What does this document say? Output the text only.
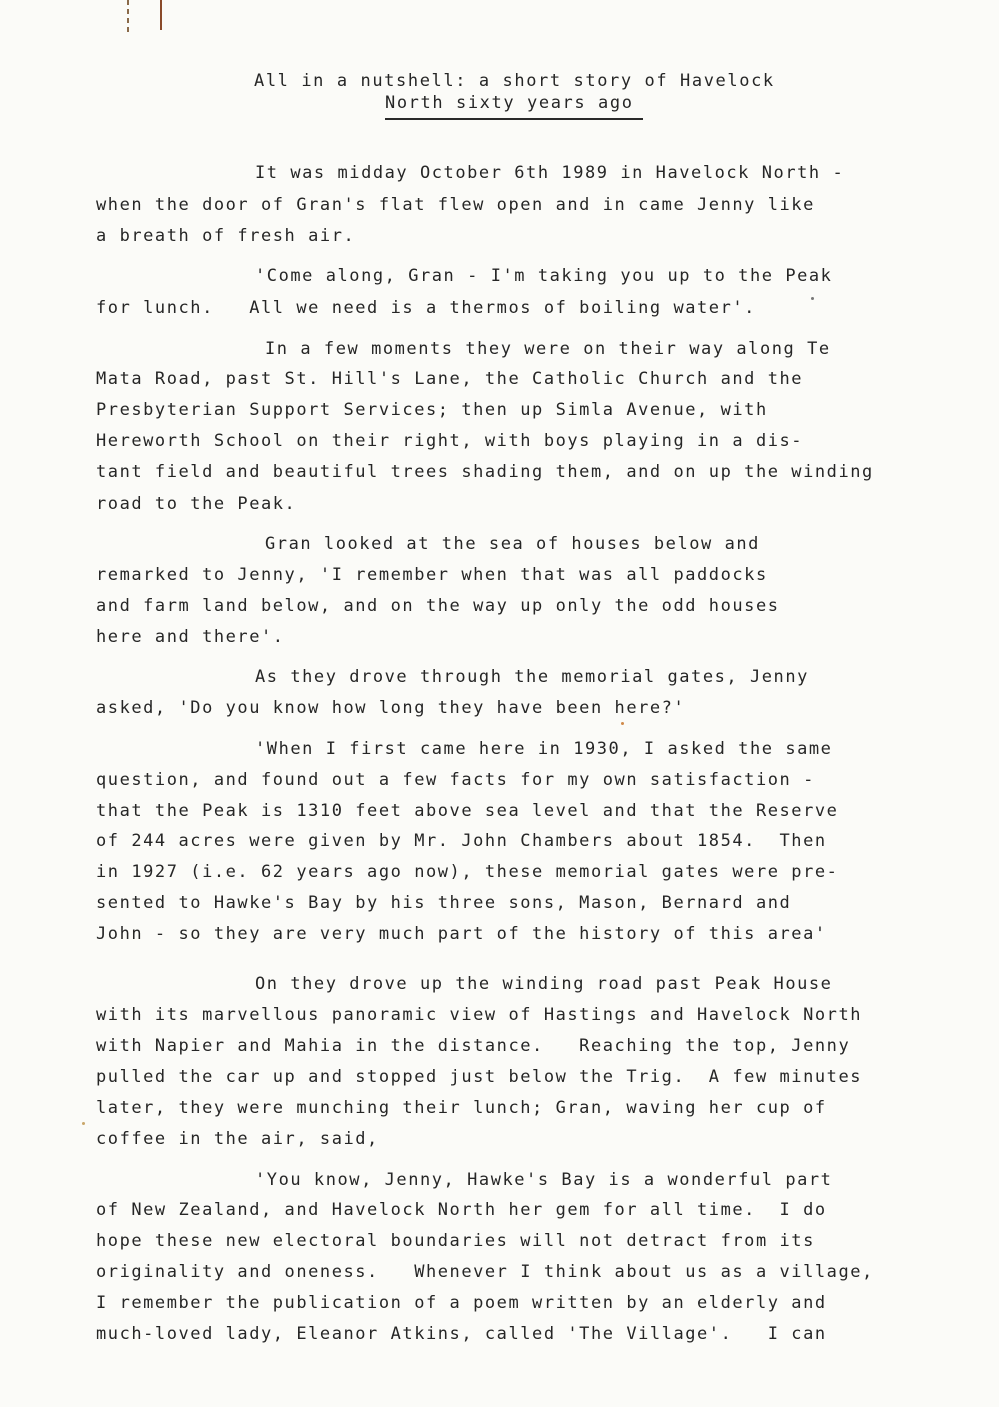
All in a nutshell: a short story of Havelock
North sixty years ago
It was midday October 6th 1989 in Havelock North -
when the door of Gran's flat flew open and in came Jenny like
a breath of fresh air.
'Come along, Gran - I'm taking you up to the Peak
for lunch.   All we need is a thermos of boiling water'.
In a few moments they were on their way along Te
Mata Road, past St. Hill's Lane, the Catholic Church and the
Presbyterian Support Services; then up Simla Avenue, with
Hereworth School on their right, with boys playing in a dis-
tant field and beautiful trees shading them, and on up the winding
road to the Peak.
Gran looked at the sea of houses below and
remarked to Jenny, 'I remember when that was all paddocks
and farm land below, and on the way up only the odd houses
here and there'.
As they drove through the memorial gates, Jenny
asked, 'Do you know how long they have been here?'
'When I first came here in 1930, I asked the same
question, and found out a few facts for my own satisfaction -
that the Peak is 1310 feet above sea level and that the Reserve
of 244 acres were given by Mr. John Chambers about 1854.  Then
in 1927 (i.e. 62 years ago now), these memorial gates were pre-
sented to Hawke's Bay by his three sons, Mason, Bernard and
John - so they are very much part of the history of this area'
On they drove up the winding road past Peak House
with its marvellous panoramic view of Hastings and Havelock North
with Napier and Mahia in the distance.   Reaching the top, Jenny
pulled the car up and stopped just below the Trig.  A few minutes
later, they were munching their lunch; Gran, waving her cup of
coffee in the air, said,
'You know, Jenny, Hawke's Bay is a wonderful part
of New Zealand, and Havelock North her gem for all time.  I do
hope these new electoral boundaries will not detract from its
originality and oneness.   Whenever I think about us as a village,
I remember the publication of a poem written by an elderly and
much-loved lady, Eleanor Atkins, called 'The Village'.   I can
